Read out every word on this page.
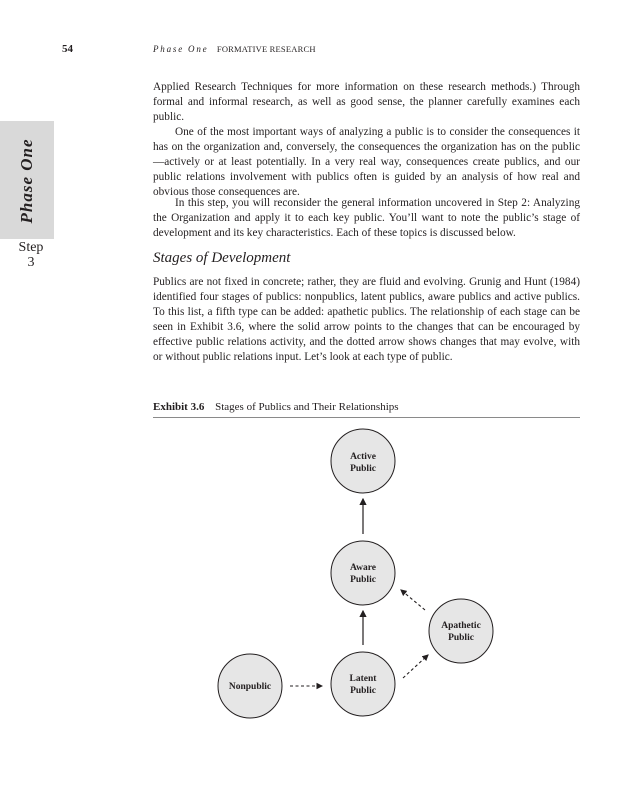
54	Phase One FORMATIVE RESEARCH
Phase One
Step
3

Applied Research Techniques for more information on these research methods.) Through formal and informal research, as well as good sense, the planner carefully examines each public.

One of the most important ways of analyzing a public is to consider the consequences it has on the organization and, conversely, the consequences the organization has on the public—actively or at least potentially. In a very real way, consequences create publics, and our public relations involvement with publics often is guided by an analysis of how real and obvious those consequences are.

In this step, you will reconsider the general information uncovered in Step 2: Analyzing the Organization and apply it to each key public. You’ll want to note the public’s stage of development and its key characteristics. Each of these topics is discussed below.

Stages of Development

Publics are not fixed in concrete; rather, they are fluid and evolving. Grunig and Hunt (1984) identified four stages of publics: nonpublics, latent publics, aware publics and active publics. To this list, a fifth type can be added: apathetic publics. The relationship of each stage can be seen in Exhibit 3.6, where the solid arrow points to the changes that can be encouraged by effective public relations activity, and the dotted arrow shows changes that may evolve, with or without public relations input. Let’s look at each type of public.

Exhibit 3.6 Stages of Publics and Their Relationships
Active
Public
Aware
Public
Apathetic
Public
Latent
Public
Nonpublic
